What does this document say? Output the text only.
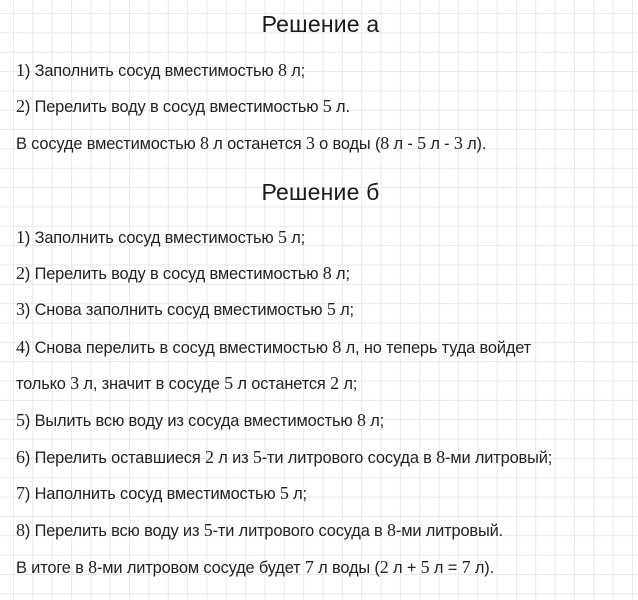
Решение а
1) Заполнить сосуд вместимостью 8 л;
2) Перелить воду в сосуд вместимостью 5 л.
В сосуде вместимостью 8 л останется 3 о воды (8 л - 5 л - 3 л).
Решение б
1) Заполнить сосуд вместимостью 5 л;
2) Перелить воду в сосуд вместимостью 8 л;
3) Снова заполнить сосуд вместимостью 5 л;
4) Снова перелить в сосуд вместимостью 8 л, но теперь туда войдет
только 3 л, значит в сосуде 5 л останется 2 л;
5) Вылить всю воду из сосуда вместимостью 8 л;
6) Перелить оставшиеся 2 л из 5-ти литрового сосуда в 8-ми литровый;
7) Наполнить сосуд вместимостью 5 л;
8) Перелить всю воду из 5-ти литрового сосуда в 8-ми литровый.
В итоге в 8-ми литровом сосуде будет 7 л воды (2 л + 5 л = 7 л).
